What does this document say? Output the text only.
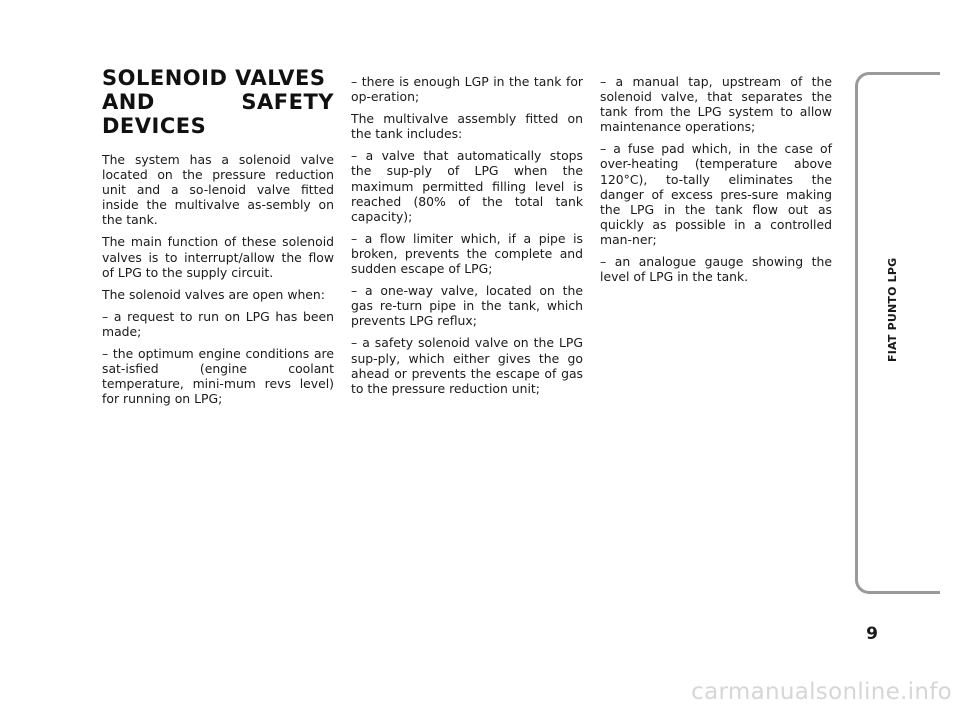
SOLENOID VALVES
AND SAFETY DEVICES

The system has a solenoid valve located on the pressure reduction unit and a so-lenoid valve fitted inside the multivalve as-sembly on the tank.

The main function of these solenoid valves is to interrupt/allow the flow of LPG to the supply circuit.

The solenoid valves are open when:

– a request to run on LPG has been made;

– the optimum engine conditions are sat-isfied (engine coolant temperature, mini-mum revs level) for running on LPG;

– there is enough LGP in the tank for op-eration;

The multivalve assembly fitted on the tank includes:

– a valve that automatically stops the sup-ply of LPG when the maximum permitted filling level is reached (80% of the total tank capacity);

– a flow limiter which, if a pipe is broken, prevents the complete and sudden escape of LPG;

– a one-way valve, located on the gas re-turn pipe in the tank, which prevents LPG reflux;

– a safety solenoid valve on the LPG sup-ply, which either gives the go ahead or prevents the escape of gas to the pressure reduction unit;

– a manual tap, upstream of the solenoid valve, that separates the tank from the LPG system to allow maintenance operations;

– a fuse pad which, in the case of over-heating (temperature above 120°C), to-tally eliminates the danger of excess pres-sure making the LPG in the tank flow out as quickly as possible in a controlled man-ner;

– an analogue gauge showing the level of LPG in the tank.	FIAT PUNTO LPG
9
carmanualsonline.info
